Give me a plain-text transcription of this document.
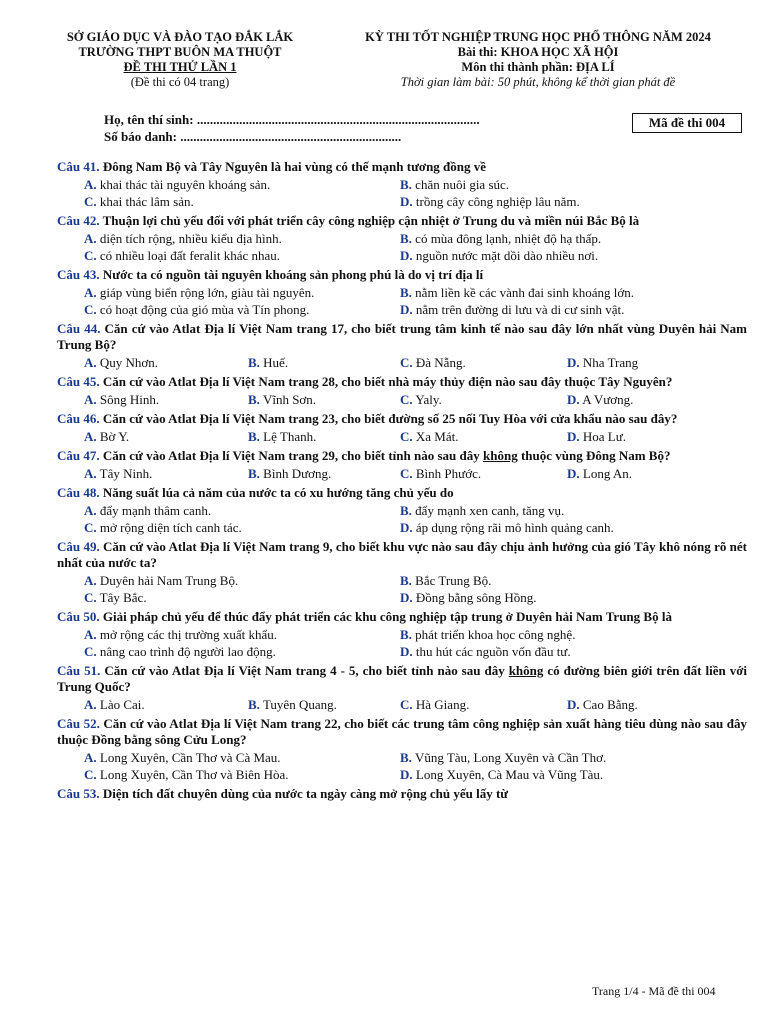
SỞ GIÁO DỤC VÀ ĐÀO TẠO ĐẮK LẮK
TRƯỜNG THPT BUÔN MA THUỘT
ĐỀ THI THỬ LẦN 1
(Đề thi có 04 trang)
KỲ THI TỐT NGHIỆP TRUNG HỌC PHỔ THÔNG NĂM 2024
Bài thi: KHOA HỌC XÃ HỘI
Môn thi thành phần: ĐỊA LÍ
Thời gian làm bài: 50 phút, không kể thời gian phát đề
Họ, tên thí sinh: .......................................................................................
Số báo danh: ....................................................................
Mã đề thi 004
Câu 41. Đông Nam Bộ và Tây Nguyên là hai vùng có thế mạnh tương đồng về
A. khai thác tài nguyên khoáng sản.	B. chăn nuôi gia súc.
C. khai thác lâm sản.	D. trồng cây công nghiệp lâu năm.
Câu 42. Thuận lợi chủ yếu đối với phát triển cây công nghiệp cận nhiệt ở Trung du và miền núi Bắc Bộ là
A. diện tích rộng, nhiều kiểu địa hình.	B. có mùa đông lạnh, nhiệt độ hạ thấp.
C. có nhiều loại đất feralit khác nhau.	D. nguồn nước mặt dồi dào nhiều nơi.
Câu 43. Nước ta có nguồn tài nguyên khoáng sản phong phú là do vị trí địa lí
A. giáp vùng biển rộng lớn, giàu tài nguyên.	B. nằm liền kề các vành đai sinh khoáng lớn.
C. có hoạt động của gió mùa và Tín phong.	D. nằm trên đường di lưu và di cư sinh vật.
Câu 44. Căn cứ vào Atlat Địa lí Việt Nam trang 17, cho biết trung tâm kinh tế nào sau đây lớn nhất vùng Duyên hải Nam Trung Bộ?
A. Quy Nhơn.	B. Huế.	C. Đà Nẵng.	D. Nha Trang
Câu 45. Căn cứ vào Atlat Địa lí Việt Nam trang 28, cho biết nhà máy thủy điện nào sau đây thuộc Tây Nguyên?
A. Sông Hinh.	B. Vĩnh Sơn.	C. Yaly.	D. A Vương.
Câu 46. Căn cứ vào Atlat Địa lí Việt Nam trang 23, cho biết đường số 25 nối Tuy Hòa với cửa khẩu nào sau đây?
A. Bờ Y.	B. Lệ Thanh.	C. Xa Mát.	D. Hoa Lư.
Câu 47. Căn cứ vào Atlat Địa lí Việt Nam trang 29, cho biết tỉnh nào sau đây không thuộc vùng Đông Nam Bộ?
A. Tây Ninh.	B. Bình Dương.	C. Bình Phước.	D. Long An.
Câu 48. Năng suất lúa cả năm của nước ta có xu hướng tăng chủ yếu do
A. đẩy mạnh thâm canh.	B. đẩy mạnh xen canh, tăng vụ.
C. mở rộng diện tích canh tác.	D. áp dụng rộng rãi mô hình quảng canh.
Câu 49. Căn cứ vào Atlat Địa lí Việt Nam trang 9, cho biết khu vực nào sau đây chịu ảnh hưởng của gió Tây khô nóng rõ nét nhất của nước ta?
A. Duyên hải Nam Trung Bộ.	B. Bắc Trung Bộ.
C. Tây Bắc.	D. Đồng bằng sông Hồng.
Câu 50. Giải pháp chủ yếu để thúc đẩy phát triển các khu công nghiệp tập trung ở Duyên hải Nam Trung Bộ là
A. mở rộng các thị trường xuất khẩu.	B. phát triển khoa học công nghệ.
C. nâng cao trình độ người lao động.	D. thu hút các nguồn vốn đầu tư.
Câu 51. Căn cứ vào Atlat Địa lí Việt Nam trang 4 - 5, cho biết tỉnh nào sau đây không có đường biên giới trên đất liền với Trung Quốc?
A. Lào Cai.	B. Tuyên Quang.	C. Hà Giang.	D. Cao Bằng.
Câu 52. Căn cứ vào Atlat Địa lí Việt Nam trang 22, cho biết các trung tâm công nghiệp sản xuất hàng tiêu dùng nào sau đây thuộc Đồng bằng sông Cửu Long?
A. Long Xuyên, Cần Thơ và Cà Mau.	B. Vũng Tàu, Long Xuyên và Cần Thơ.
C. Long Xuyên, Cần Thơ và Biên Hòa.	D. Long Xuyên, Cà Mau và Vũng Tàu.
Câu 53. Diện tích đất chuyên dùng của nước ta ngày càng mở rộng chủ yếu lấy từ
Trang 1/4 - Mã đề thi 004
